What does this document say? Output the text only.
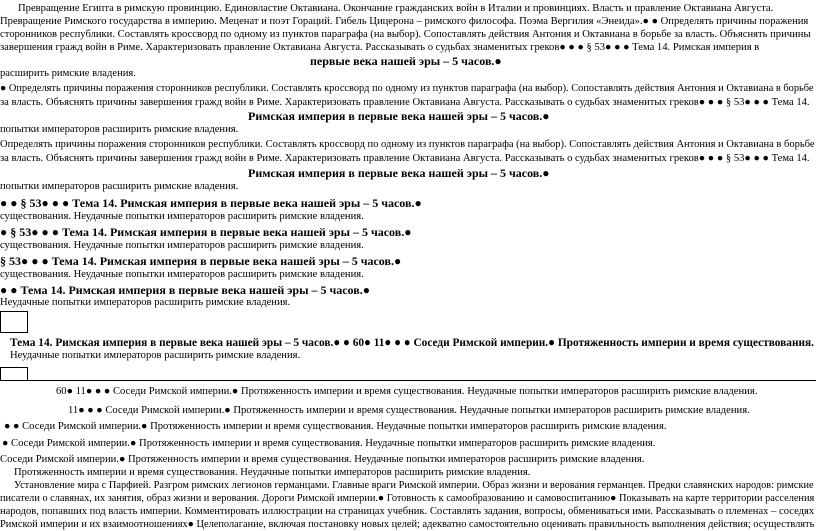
Превращение Египта в римскую провинцию. Единовластие Октавиана. Окончание гражданских войн в Италии и провинциях. Власть и правление Октавиана Августа.
Превращение Римского государства в империю. Меценат и поэт Гораций. Гибель Цицерона – римского философа. Поэма Вергилия «Энеида».● ● Определять причины поражения
сторонников республики. Составлять кроссворд по одному из пунктов параграфа (на выбор). Сопоставлять действия Антония и Октавиана в борьбе за власть. Объяснять причины
завершения гражд войн в Риме. Характеризовать правление Октавиана Августа. Рассказывать о судьбах знаменитых греков● ● ● § 53● ● ● Тема 14. Римская империя в
первые века нашей эры – 5 часов.●
расширить римские владения.
● Определять причины поражения сторонников республики. Составлять кроссворд по одному из пунктов параграфа (на выбор). Сопоставлять действия Антония и Октавиана в борьбе
за власть. Объяснять причины завершения гражд войн в Риме. Характеризовать правление Октавиана Августа. Рассказывать о судьбах знаменитых греков● ● ● § 53● ● ● Тема 14.
Римская империя в первые века нашей эры – 5 часов.●
попытки императоров расширить римские владения.
Определять причины поражения сторонников республики. Составлять кроссворд по одному из пунктов параграфа (на выбор). Сопоставлять действия Антония и Октавиана в борьбе
за власть. Объяснять причины завершения гражд войн в Риме. Характеризовать правление Октавиана Августа. Рассказывать о судьбах знаменитых греков● ● ● § 53● ● ● Тема 14.
Римская империя в первые века нашей эры – 5 часов.●
попытки императоров расширить римские владения.
● ● § 53● ● ● Тема 14. Римская империя в первые века нашей эры – 5 часов.●
существования. Неудачные попытки императоров расширить римские владения.
● § 53● ● ● Тема 14. Римская империя в первые века нашей эры – 5 часов.●
существования. Неудачные попытки императоров расширить римские владения.
§ 53● ● ● Тема 14. Римская империя в первые века нашей эры – 5 часов.●
существования. Неудачные попытки императоров расширить римские владения.
● ● Тема 14. Римская империя в первые века нашей эры – 5 часов.●
Неудачные попытки императоров расширить римские владения.
Тема 14. Римская империя в первые века нашей эры – 5 часов.● ● 60● 11● ● ● Соседи Римской империи.● Протяженность империи и время существования.
Неудачные попытки императоров расширить римские владения.
60● 11● ● ● Соседи Римской империи.● Протяженность империи и время существования. Неудачные попытки императоров расширить римские владения.
11● ● ● Соседи Римской империи.● Протяженность империи и время существования. Неудачные попытки императоров расширить римские владения.
● ● Соседи Римской империи.● Протяженность империи и время существования. Неудачные попытки императоров расширить римские владения.
● Соседи Римской империи.● Протяженность империи и время существования. Неудачные попытки императоров расширить римские владения.
Соседи Римской империи.● Протяженность империи и время существования. Неудачные попытки императоров расширить римские владения.
Протяженность империи и время существования. Неудачные попытки императоров расширить римские владения.
Установление мира с Парфией. Разгром римских легионов германцами. Главные враги Римской империи. Образ жизни и верования германцев. Предки славянских народов: римские
писатели о славянах, их занятия, образ жизни и верования. Дороги Римской империи.● Готовность к самообразованию и самовоспитанию● Показывать на карте территории расселения
народов, попавших под власть империи. Комментировать иллюстрации на страницах учебник. Составлять задания, вопросы, обмениваться ими. Рассказывать о племенах – соседях
Римской империи и их взаимоотношениях● Целеполагание, включая постановку новых целей; адекватно самостоятельно оценивать правильность выполнения действия; осуществлять
